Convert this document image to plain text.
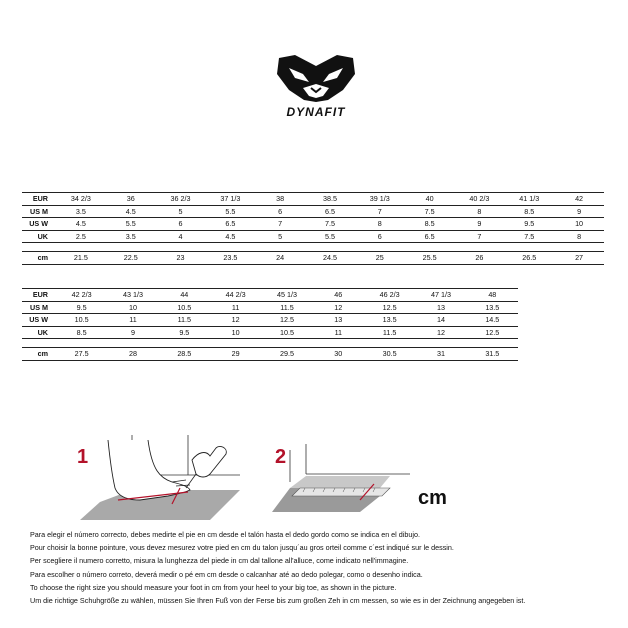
DYNAFIT
EUR	34 2/3	36	36 2/3	37 1/3	38	38.5	39 1/3	40	40 2/3	41 1/3	42
US M	3.5	4.5	5	5.5	6	6.5	7	7.5	8	8.5	9
US W	4.5	5.5	6	6.5	7	7.5	8	8.5	9	9.5	10
UK	2.5	3.5	4	4.5	5	5.5	6	6.5	7	7.5	8

cm	21.5	22.5	23	23.5	24	24.5	25	25.5	26	26.5	27
EUR	42 2/3	43 1/3	44	44 2/3	45 1/3	46	46 2/3	47 1/3	48
US M	9.5	10	10.5	11	11.5	12	12.5	13	13.5
US W	10.5	11	11.5	12	12.5	13	13.5	14	14.5
UK	8.5	9	9.5	10	10.5	11	11.5	12	12.5

cm	27.5	28	28.5	29	29.5	30	30.5	31	31.5
1	2
cm
Para elegir el número correcto, debes medirte el pie en cm desde el talón hasta el dedo gordo como se indica en el dibujo.
Pour choisir la bonne pointure, vous devez mesurez votre pied en cm du talon jusqu´au gros orteil comme c´est indiqué sur le dessin.
Per scegliere il numero corretto, misura la lunghezza del piede in cm dal tallone all'alluce, come indicato nell'immagine.
Para escolher o número correto, deverá medir o pé em cm desde o calcanhar até ao dedo polegar, como o desenho indica.
To choose the right size you should measure your foot in cm from your heel to your big toe, as shown in the picture.
Um die richtige Schuhgröße zu wählen, müssen Sie Ihren Fuß von der Ferse bis zum großen Zeh in cm messen, so wie es in der Zeichnung angegeben ist.
